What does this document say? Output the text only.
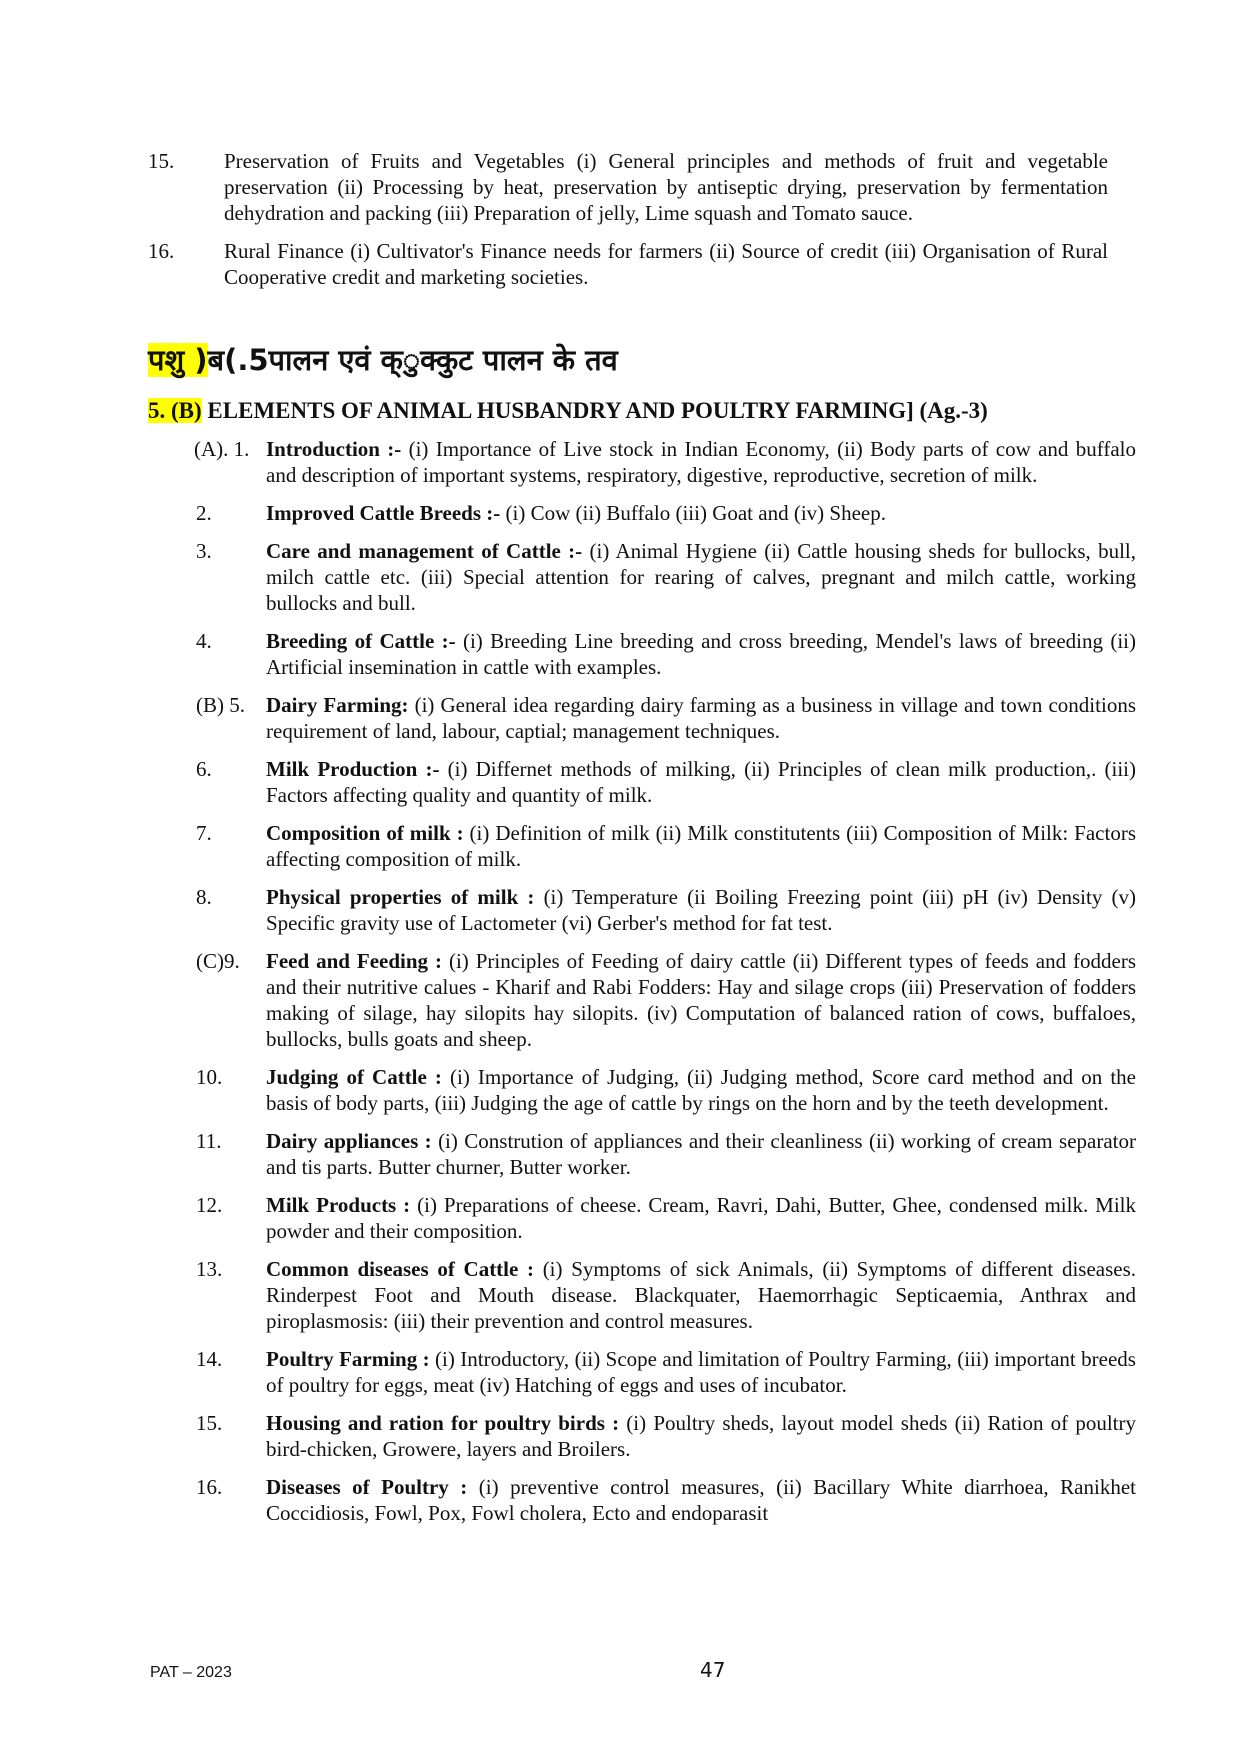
15.	Preservation of Fruits and Vegetables (i) General principles and methods of fruit and vegetable preservation (ii) Processing by heat, preservation by antiseptic drying, preservation by fermentation dehydration and packing (iii) Preparation of jelly, Lime squash and Tomato sauce.
16.	Rural Finance (i) Cultivator's Finance needs for farmers (ii) Source of credit (iii) Organisation of Rural Cooperative credit and marketing societies.
पशु )ब(.5पालन एवं क्ुक्कुट पालन के तव
5. (B) ELEMENTS OF ANIMAL HUSBANDRY AND POULTRY FARMING] (Ag.-3)
(A). 1. Introduction :- (i) Importance of Live stock in Indian Economy, (ii) Body parts of cow and buffalo and description of important systems, respiratory, digestive, reproductive, secretion of milk.
2.	Improved Cattle Breeds :- (i) Cow (ii) Buffalo (iii) Goat and (iv) Sheep.
3.	Care and management of Cattle :- (i) Animal Hygiene (ii) Cattle housing sheds for bullocks, bull, milch cattle etc. (iii) Special attention for rearing of calves, pregnant and milch cattle, working bullocks and bull.
4.	Breeding of Cattle :- (i) Breeding Line breeding and cross breeding, Mendel's laws of breeding (ii) Artificial insemination in cattle with examples.
(B) 5.	Dairy Farming: (i) General idea regarding dairy farming as a business in village and town conditions requirement of land, labour, captial; management techniques.
6.	Milk Production :- (i) Differnet methods of milking, (ii) Principles of clean milk production,. (iii) Factors affecting quality and quantity of milk.
7.	Composition of milk : (i) Definition of milk (ii) Milk constitutents (iii) Composition of Milk: Factors affecting composition of milk.
8.	Physical properties of milk : (i) Temperature (ii Boiling Freezing point (iii) pH (iv) Density (v) Specific gravity use of Lactometer (vi) Gerber's method for fat test.
(C)9.	Feed and Feeding : (i) Principles of Feeding of dairy cattle (ii) Different types of feeds and fodders and their nutritive calues - Kharif and Rabi Fodders: Hay and silage crops (iii) Preservation of fodders making of silage, hay silopits hay silopits. (iv) Computation of balanced ration of cows, buffaloes, bullocks, bulls goats and sheep.
10.	Judging of Cattle : (i) Importance of Judging, (ii) Judging method, Score card method and on the basis of body parts, (iii) Judging the age of cattle by rings on the horn and by the teeth development.
11.	Dairy appliances : (i) Constrution of appliances and their cleanliness (ii) working of cream separator and tis parts. Butter churner, Butter worker.
12.	Milk Products : (i) Preparations of cheese. Cream, Ravri, Dahi, Butter, Ghee, condensed milk. Milk powder and their composition.
13.	Common diseases of Cattle : (i) Symptoms of sick Animals, (ii) Symptoms of different diseases. Rinderpest Foot and Mouth disease. Blackquater, Haemorrhagic Septicaemia, Anthrax and piroplasmosis: (iii) their prevention and control measures.
14.	Poultry Farming : (i) Introductory, (ii) Scope and limitation of Poultry Farming, (iii) important breeds of poultry for eggs, meat (iv) Hatching of eggs and uses of incubator.
15.	Housing and ration for poultry birds : (i) Poultry sheds, layout model sheds (ii) Ration of poultry bird-chicken, Growere, layers and Broilers.
16.	Diseases of Poultry : (i) preventive control measures, (ii) Bacillary White diarrhoea, Ranikhet Coccidiosis, Fowl, Pox, Fowl cholera, Ecto and endoparasit
PAT – 2023	47
